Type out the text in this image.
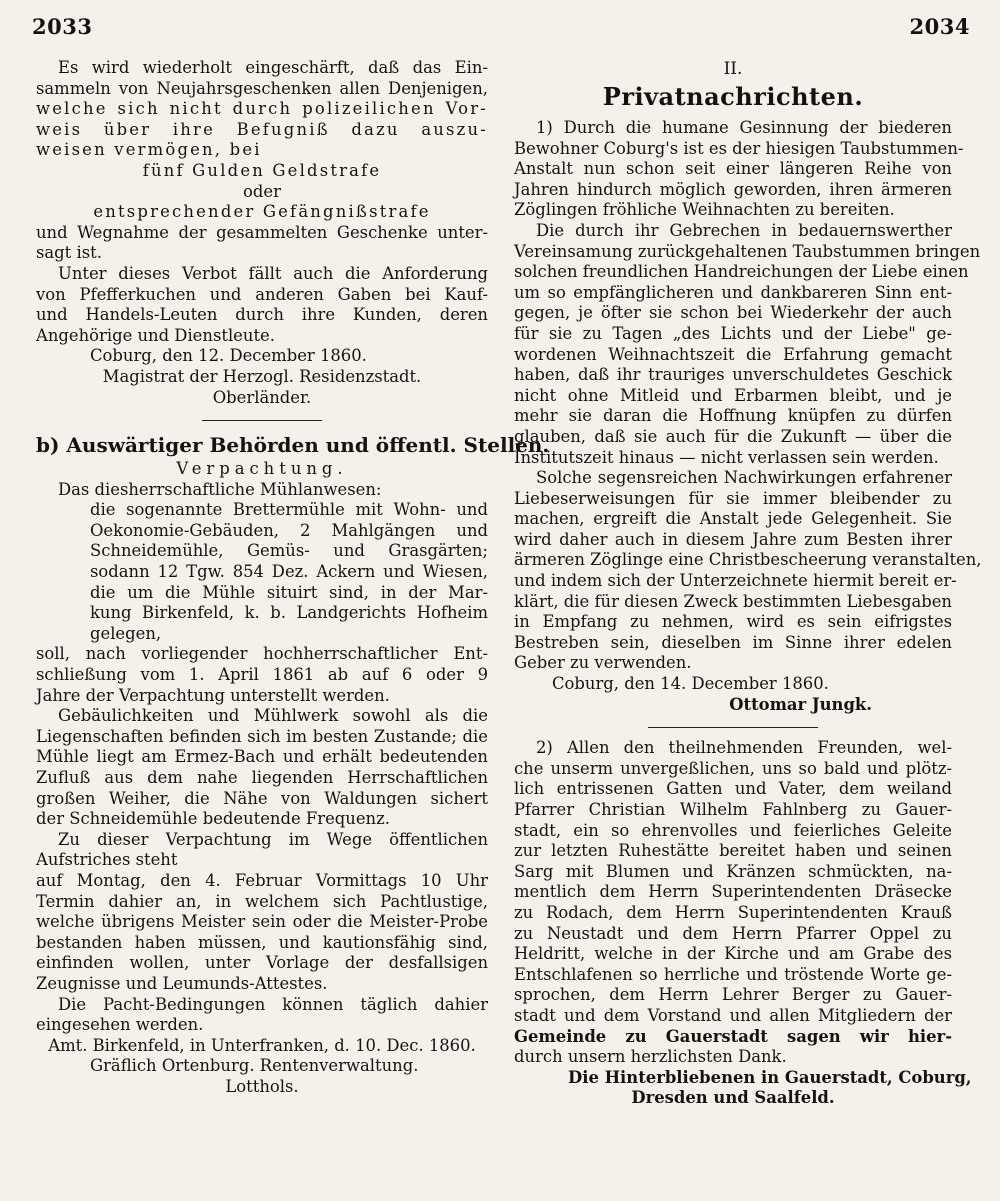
2033	2034
Es wird wiederholt eingeschärft, daß das Ein-
sammeln von Neujahrsgeschenken allen Denjenigen,
welche sich nicht durch polizeilichen Vor-
weis über ihre Befugniß dazu auszu-
weisen vermögen, bei
fünf Gulden Geldstrafe
oder
entsprechender Gefängnißstrafe
und Wegnahme der gesammelten Geschenke unter-
sagt ist.
Unter dieses Verbot fällt auch die Anforderung
von Pfefferkuchen und anderen Gaben bei Kauf-
und Handels-Leuten durch ihre Kunden, deren
Angehörige und Dienstleute.
Coburg, den 12. December 1860.
Magistrat der Herzogl. Residenzstadt.
Oberländer.
b) Auswärtiger Behörden und öffentl. Stellen.
Verpachtung.
Das diesherrschaftliche Mühlanwesen:
die sogenannte Brettermühle mit Wohn- und
Oekonomie-Gebäuden, 2 Mahlgängen und
Schneidemühle, Gemüs- und Grasgärten;
sodann 12 Tgw. 854 Dez. Ackern und Wiesen,
die um die Mühle situirt sind, in der Mar-
kung Birkenfeld, k. b. Landgerichts Hofheim
gelegen,
soll, nach vorliegender hochherrschaftlicher Ent-
schließung vom 1. April 1861 ab auf 6 oder 9
Jahre der Verpachtung unterstellt werden.
Gebäulichkeiten und Mühlwerk sowohl als die
Liegenschaften befinden sich im besten Zustande; die
Mühle liegt am Ermez-Bach und erhält bedeutenden
Zufluß aus dem nahe liegenden Herrschaftlichen
großen Weiher, die Nähe von Waldungen sichert
der Schneidemühle bedeutende Frequenz.
Zu dieser Verpachtung im Wege öffentlichen
Aufstriches steht
auf Montag, den 4. Februar Vormittags 10 Uhr
Termin dahier an, in welchem sich Pachtlustige,
welche übrigens Meister sein oder die Meister-Probe
bestanden haben müssen, und kautionsfähig sind,
einfinden wollen, unter Vorlage der desfallsigen
Zeugnisse und Leumunds-Attestes.
Die Pacht-Bedingungen können täglich dahier
eingesehen werden.
Amt. Birkenfeld, in Unterfranken, d. 10. Dec. 1860.
Gräflich Ortenburg. Rentenverwaltung.
Lotthols.
II.
Privatnachrichten.
1) Durch die humane Gesinnung der biederen
Bewohner Coburg's ist es der hiesigen Taubstummen-
Anstalt nun schon seit einer längeren Reihe von
Jahren hindurch möglich geworden, ihren ärmeren
Zöglingen fröhliche Weihnachten zu bereiten.
Die durch ihr Gebrechen in bedauernswerther
Vereinsamung zurückgehaltenen Taubstummen bringen
solchen freundlichen Handreichungen der Liebe einen
um so empfänglicheren und dankbareren Sinn ent-
gegen, je öfter sie schon bei Wiederkehr der auch
für sie zu Tagen „des Lichts und der Liebe" ge-
wordenen Weihnachtszeit die Erfahrung gemacht
haben, daß ihr trauriges unverschuldetes Geschick
nicht ohne Mitleid und Erbarmen bleibt, und je
mehr sie daran die Hoffnung knüpfen zu dürfen
glauben, daß sie auch für die Zukunft — über die
Institutszeit hinaus — nicht verlassen sein werden.
Solche segensreichen Nachwirkungen erfahrener
Liebeserweisungen für sie immer bleibender zu
machen, ergreift die Anstalt jede Gelegenheit. Sie
wird daher auch in diesem Jahre zum Besten ihrer
ärmeren Zöglinge eine Christbescheerung veranstalten,
und indem sich der Unterzeichnete hiermit bereit er-
klärt, die für diesen Zweck bestimmten Liebesgaben
in Empfang zu nehmen, wird es sein eifrigstes
Bestreben sein, dieselben im Sinne ihrer edelen
Geber zu verwenden.
Coburg, den 14. December 1860.
Ottomar Jungk.
2) Allen den theilnehmenden Freunden, wel-
che unserm unvergeßlichen, uns so bald und plötz-
lich entrissenen Gatten und Vater, dem weiland
Pfarrer Christian Wilhelm Fahlnberg zu Gauer-
stadt, ein so ehrenvolles und feierliches Geleite
zur letzten Ruhestätte bereitet haben und seinen
Sarg mit Blumen und Kränzen schmückten, na-
mentlich dem Herrn Superintendenten Dräsecke
zu Rodach, dem Herrn Superintendenten Krauß
zu Neustadt und dem Herrn Pfarrer Oppel zu
Heldritt, welche in der Kirche und am Grabe des
Entschlafenen so herrliche und tröstende Worte ge-
sprochen, dem Herrn Lehrer Berger zu Gauer-
stadt und dem Vorstand und allen Mitgliedern der
Gemeinde zu Gauerstadt sagen wir hier-
durch unsern herzlichsten Dank.
Die Hinterbliebenen in Gauerstadt, Coburg,
Dresden und Saalfeld.
